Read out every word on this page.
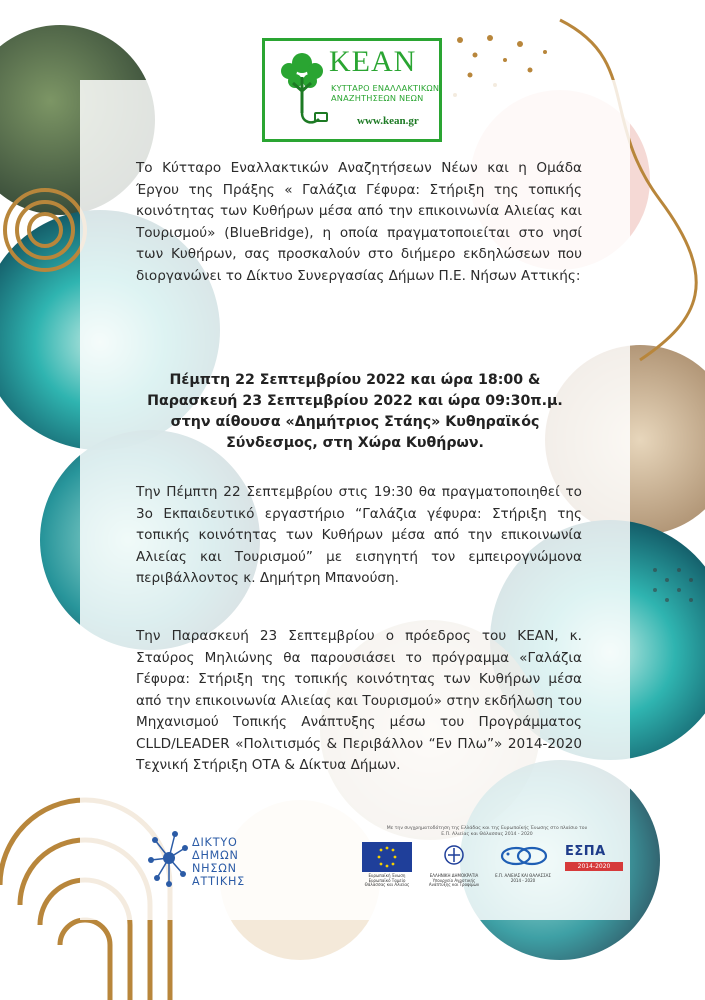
ΚΕΑΝ
ΚΥΤΤΑΡΟ ΕΝΑΛΛΑΚΤΙΚΩΝ
ΑΝΑΖΗΤΗΣΕΩΝ ΝΕΩΝ
www.kean.gr

Το Κύτταρο Εναλλακτικών Αναζητήσεων Νέων και η Ομάδα Έργου της Πράξης « Γαλάζια Γέφυρα: Στήριξη της τοπικής κοινότητας των Κυθήρων μέσα από την επικοινωνία Αλιείας και Τουρισμού» (BlueBridge), η οποία πραγματοποιείται στο νησί των Κυθήρων, σας προσκαλούν στο διήμερο εκδηλώσεων που διοργανώνει το Δίκτυο Συνεργασίας Δήμων Π.Ε. Νήσων Αττικής:

Πέμπτη 22 Σεπτεμβρίου 2022 και ώρα 18:00 &
Παρασκευή 23 Σεπτεμβρίου 2022 και ώρα 09:30π.μ.
στην αίθουσα «Δημήτριος Στάης» Κυθηραϊκός
Σύνδεσμος, στη Χώρα Κυθήρων.

Την Πέμπτη 22 Σεπτεμβρίου στις 19:30 θα πραγματοποιηθεί το 3ο Εκπαιδευτικό εργαστήριο “Γαλάζια γέφυρα: Στήριξη της τοπικής κοινότητας των Κυθήρων μέσα από την επικοινωνία Αλιείας και Τουρισμού” με εισηγητή τον εμπειρογνώμονα περιβάλλοντος κ. Δημήτρη Μπανούση.

Την Παρασκευή 23 Σεπτεμβρίου ο πρόεδρος του ΚΕΑΝ, κ. Σταύρος Μηλιώνης θα παρουσιάσει το πρόγραμμα «Γαλάζια Γέφυρα: Στήριξη της τοπικής κοινότητας των Κυθήρων μέσα από την επικοινωνία Αλιείας και Τουρισμού» στην εκδήλωση του Μηχανισμού Τοπικής Ανάπτυξης μέσω του Προγράμματος CLLD/LEADER «Πολιτισμός & Περιβάλλον “Εν Πλω”» 2014-2020 Τεχνική Στήριξη ΟΤΑ & Δίκτυα Δήμων.

ΔΙΚΤΥΟ
ΔΗΜΩΝ
ΝΗΣΩΝ
ΑΤΤΙΚΗΣ
Με την συγχρηματοδότηση της Ελλάδας και της Ευρωπαϊκής Ένωσης στο πλαίσιο του
Ε.Π. Αλιείας και Θάλασσας 2014 - 2020
Ευρωπαϊκή Ένωση Ευρωπαϊκό Ταμείο Θάλασσας και Αλιείας
ΕΛΛΗΝΙΚΗ ΔΗΜΟΚΡΑΤΙΑ Υπουργείο Αγροτικής Ανάπτυξης και Τροφίμων
Ε.Π. ΑΛΙΕΙΑΣ ΚΑΙ ΘΑΛΑΣΣΑΣ 2014 - 2020
ΕΣΠΑ
2014-2020
